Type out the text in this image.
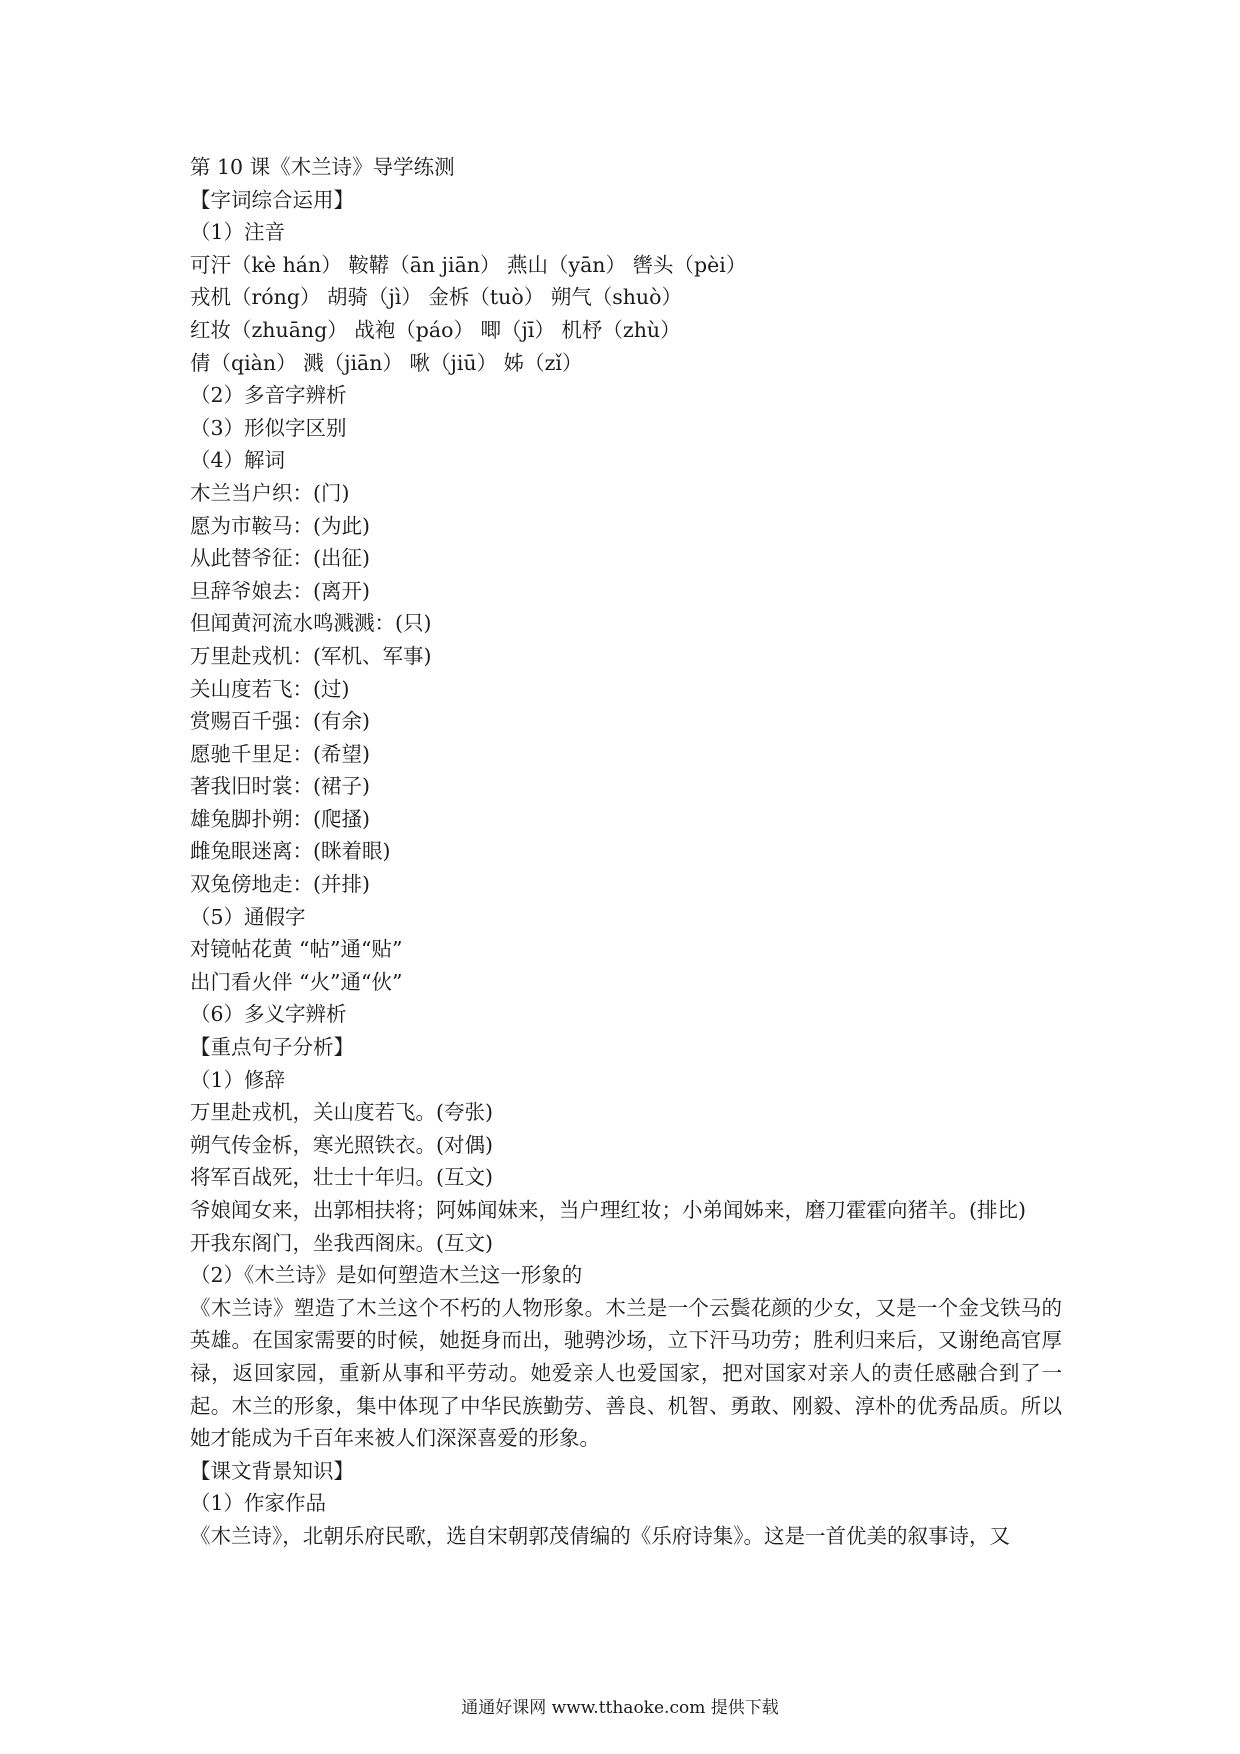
第 10 课《木兰诗》导学练测
【字词综合运用】
（1）注音
可汗（kè hán） 鞍鞯（ān jiān） 燕山（yān） 辔头（pèi）
戎机（róng） 胡骑（jì） 金柝（tuò） 朔气（shuò）
红妆（zhuāng） 战袍（páo） 唧（jī） 机杼（zhù）
倩（qiàn） 溅（jiān） 啾（jiū） 姊（zǐ）
（2）多音字辨析
（3）形似字区别
（4）解词
木兰当户织：(门)
愿为市鞍马：(为此)
从此替爷征：(出征)
旦辞爷娘去：(离开)
但闻黄河流水鸣溅溅：(只)
万里赴戎机：(军机、军事)
关山度若飞：(过)
赏赐百千强：(有余)
愿驰千里足：(希望)
著我旧时裳：(裙子)
雄兔脚扑朔：(爬搔)
雌兔眼迷离：(眯着眼)
双兔傍地走：(并排)
（5）通假字
对镜帖花黄 “帖”通“贴”
出门看火伴 “火”通“伙”
（6）多义字辨析
【重点句子分析】
（1）修辞
万里赴戎机，关山度若飞。(夸张)
朔气传金柝，寒光照铁衣。(对偶)
将军百战死，壮士十年归。(互文)
爷娘闻女来，出郭相扶将；阿姊闻妹来，当户理红妆；小弟闻姊来，磨刀霍霍向猪羊。(排比)
开我东阁门，坐我西阁床。(互文)
（2）《木兰诗》是如何塑造木兰这一形象的
《木兰诗》塑造了木兰这个不朽的人物形象。木兰是一个云鬓花颜的少女，又是一个金戈铁马的英雄。在国家需要的时候，她挺身而出，驰骋沙场，立下汗马功劳；胜利归来后，又谢绝高官厚禄，返回家园，重新从事和平劳动。她爱亲人也爱国家，把对国家对亲人的责任感融合到了一起。木兰的形象，集中体现了中华民族勤劳、善良、机智、勇敢、刚毅、淳朴的优秀品质。所以她才能成为千百年来被人们深深喜爱的形象。
【课文背景知识】
（1）作家作品
《木兰诗》，北朝乐府民歌，选自宋朝郭茂倩编的《乐府诗集》。这是一首优美的叙事诗，又
通通好课网 www.tthaoke.com 提供下载
